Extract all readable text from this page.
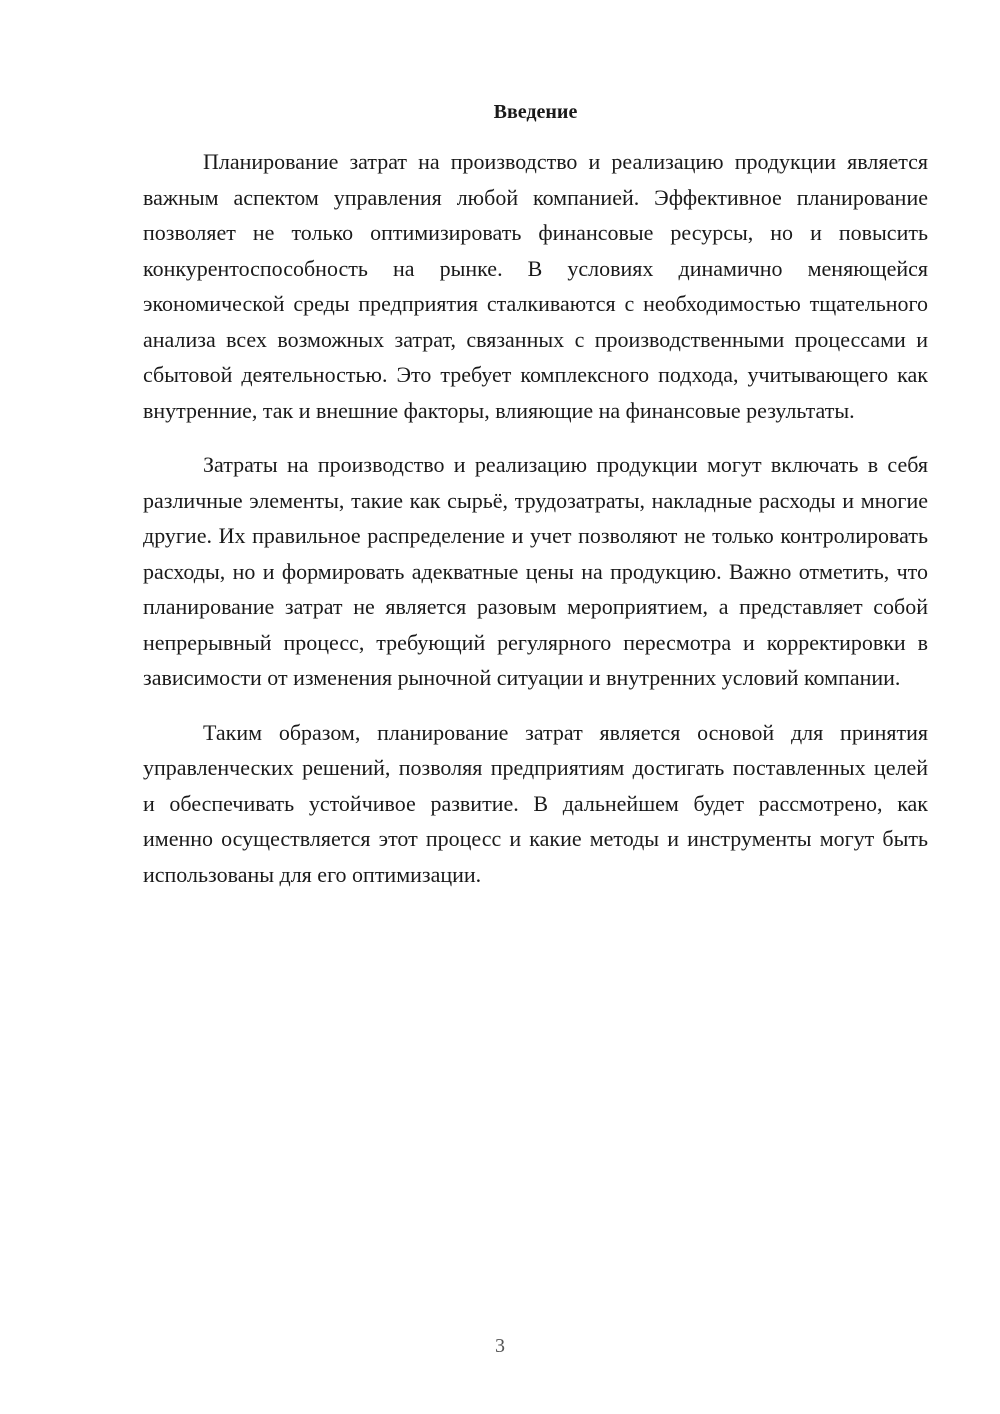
Введение

Планирование затрат на производство и реализацию продукции является важным аспектом управления любой компанией. Эффективное планирование позволяет не только оптимизировать финансовые ресурсы, но и повысить конкурентоспособность на рынке. В условиях динамично меняющейся экономической среды предприятия сталкиваются с необходимостью тщательного анализа всех возможных затрат, связанных с производственными процессами и сбытовой деятельностью. Это требует комплексного подхода, учитывающего как внутренние, так и внешние факторы, влияющие на финансовые результаты.

Затраты на производство и реализацию продукции могут включать в себя различные элементы, такие как сырьё, трудозатраты, накладные расходы и многие другие. Их правильное распределение и учет позволяют не только контролировать расходы, но и формировать адекватные цены на продукцию. Важно отметить, что планирование затрат не является разовым мероприятием, а представляет собой непрерывный процесс, требующий регулярного пересмотра и корректировки в зависимости от изменения рыночной ситуации и внутренних условий компании.

Таким образом, планирование затрат является основой для принятия управленческих решений, позволяя предприятиям достигать поставленных целей и обеспечивать устойчивое развитие. В дальнейшем будет рассмотрено, как именно осуществляется этот процесс и какие методы и инструменты могут быть использованы для его оптимизации.

3
